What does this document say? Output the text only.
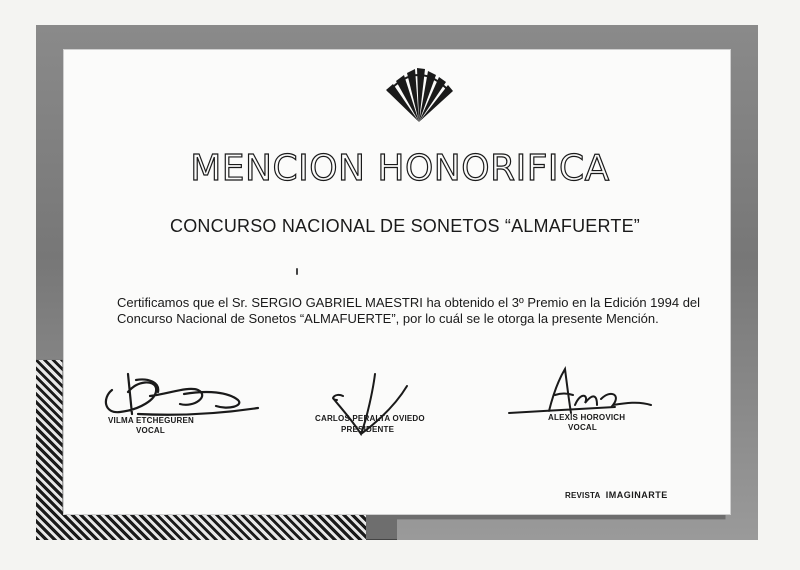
MENCION HONORIFICA
CONCURSO NACIONAL DE SONETOS “ALMAFUERTE”
Certificamos que el Sr. SERGIO GABRIEL MAESTRI ha obtenido el 3º Premio en la Edición 1994 del
Concurso Nacional de Sonetos “ALMAFUERTE”, por lo cuál se le otorga la presente Mención.
VILMA ETCHEGUREN
VOCAL
CARLOS PERALTA OVIEDO
PRESIDENTE
ALEXIS HOROVICH
VOCAL
REVISTA IMAGINARTE
